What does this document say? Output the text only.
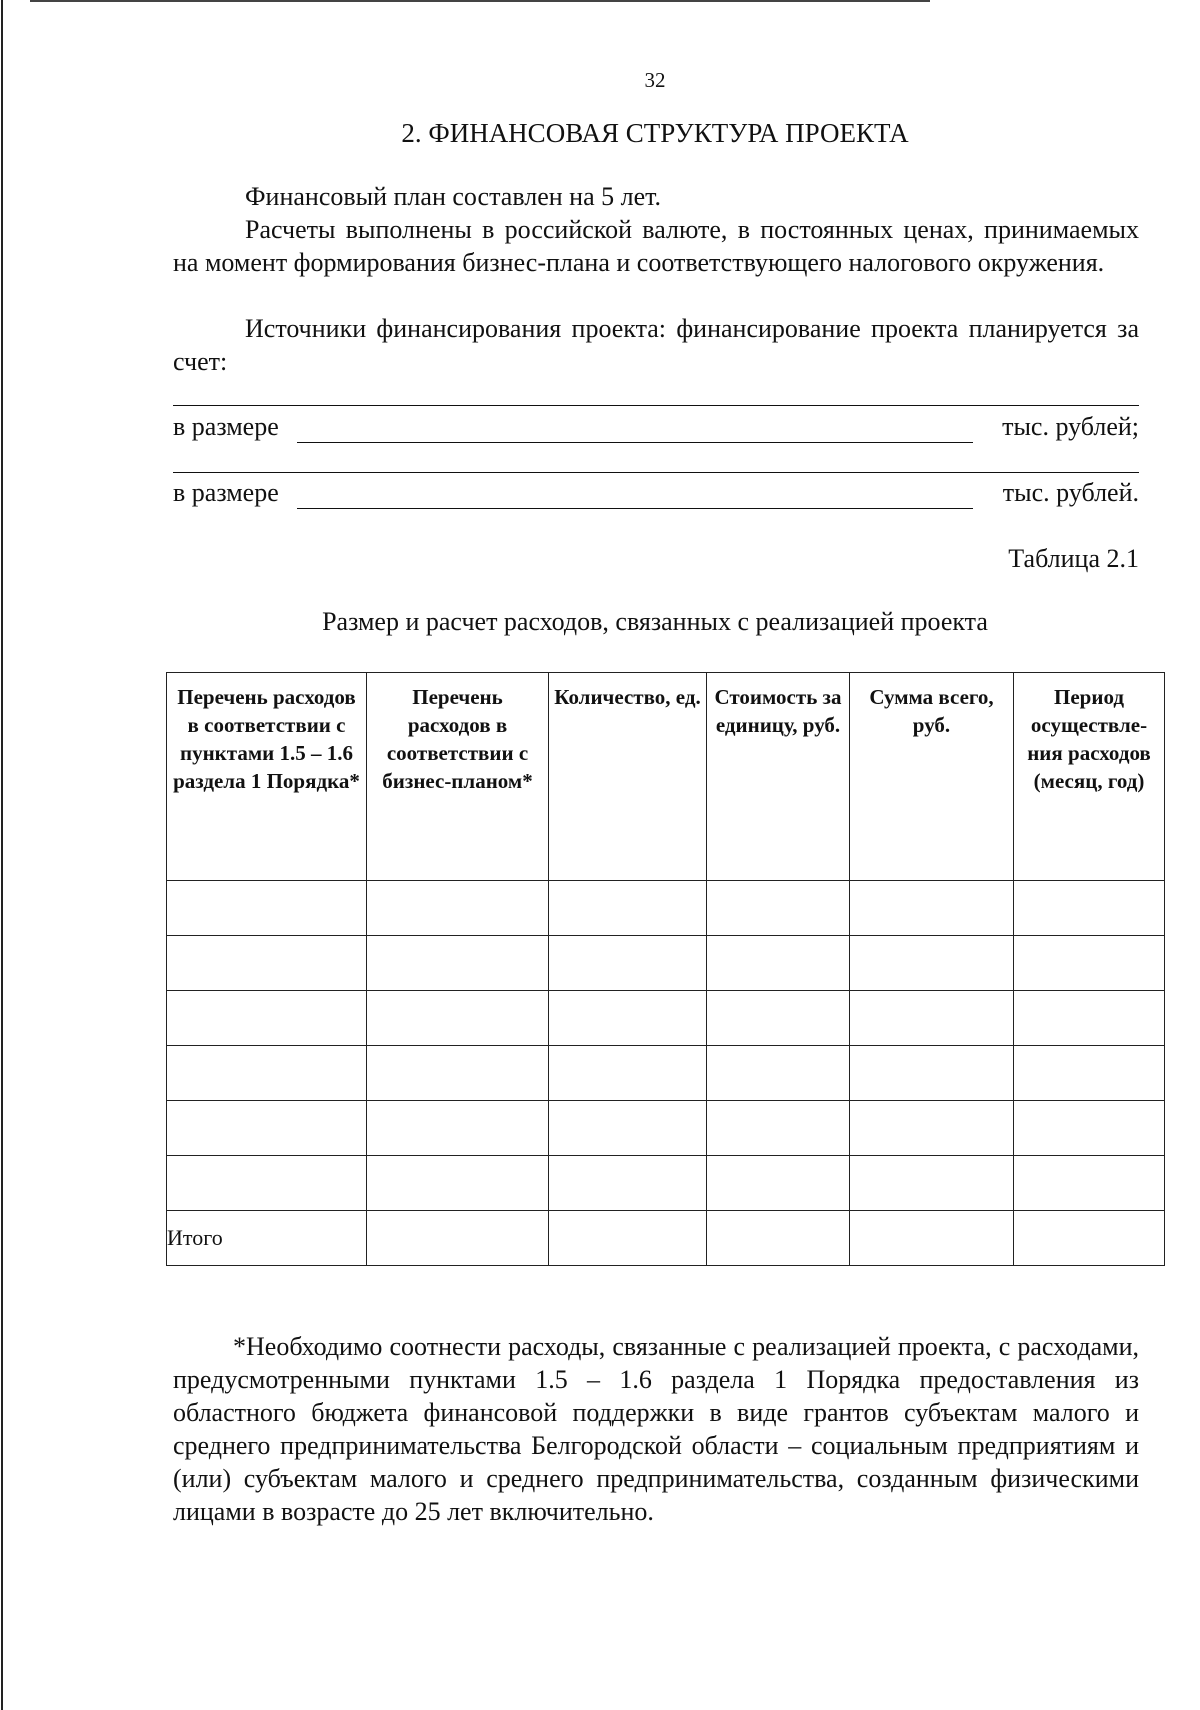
32
2. ФИНАНСОВАЯ СТРУКТУРА ПРОЕКТА
Финансовый план составлен на 5 лет.
Расчеты выполнены в российской валюте, в постоянных ценах, принимаемых на момент формирования бизнес-плана и соответствующего налогового окружения.
Источники финансирования проекта: финансирование проекта планируется за счет:
в размере	тыс. рублей;
в размере	тыс. рублей.
Таблица 2.1
Размер и расчет расходов, связанных с реализацией проекта
Перечень расходов в соответствии с пунктами 1.5 – 1.6 раздела 1 Порядка*	Перечень расходов в соответствии с бизнес-планом*	Количество, ед.	Стоимость за единицу, руб.	Сумма всего, руб.	Период осуществле-ния расходов (месяц, год)

Итого					
*Необходимо соотнести расходы, связанные с реализацией проекта, с расходами, предусмотренными пунктами 1.5 – 1.6 раздела 1 Порядка предоставления из областного бюджета финансовой поддержки в виде грантов субъектам малого и среднего предпринимательства Белгородской области – социальным предприятиям и (или) субъектам малого и среднего предпринимательства, созданным физическими лицами в возрасте до 25 лет включительно.
